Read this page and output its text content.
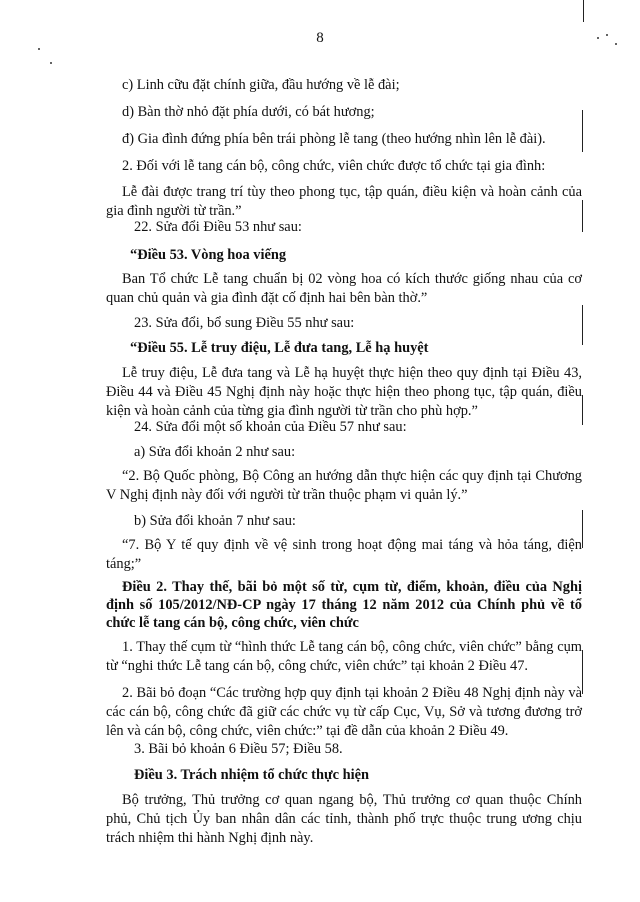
8
c) Linh cữu đặt chính giữa, đầu hướng về lễ đài;
d) Bàn thờ nhỏ đặt phía dưới, có bát hương;
đ) Gia đình đứng phía bên trái phòng lễ tang (theo hướng nhìn lên lễ đài).
2. Đối với lễ tang cán bộ, công chức, viên chức được tổ chức tại gia đình:
Lễ đài được trang trí tùy theo phong tục, tập quán, điều kiện và hoàn cảnh của gia đình người từ trần.”
22. Sửa đổi Điều 53 như sau:
“Điều 53. Vòng hoa viếng
Ban Tổ chức Lễ tang chuẩn bị 02 vòng hoa có kích thước giống nhau của cơ quan chủ quản và gia đình đặt cố định hai bên bàn thờ.”
23. Sửa đổi, bổ sung Điều 55 như sau:
“Điều 55. Lễ truy điệu, Lễ đưa tang, Lễ hạ huyệt
Lễ truy điệu, Lễ đưa tang và Lễ hạ huyệt thực hiện theo quy định tại Điều 43, Điều 44 và Điều 45 Nghị định này hoặc thực hiện theo phong tục, tập quán, điều kiện và hoàn cảnh của từng gia đình người từ trần cho phù hợp.”
24. Sửa đổi một số khoản của Điều 57 như sau:
a) Sửa đổi khoản 2 như sau:
“2. Bộ Quốc phòng, Bộ Công an hướng dẫn thực hiện các quy định tại Chương V Nghị định này đối với người từ trần thuộc phạm vi quản lý.”
b) Sửa đổi khoản 7 như sau:
“7. Bộ Y tế quy định về vệ sinh trong hoạt động mai táng và hỏa táng, điện táng;”
Điều 2. Thay thế, bãi bỏ một số từ, cụm từ, điểm, khoản, điều của Nghị định số 105/2012/NĐ-CP ngày 17 tháng 12 năm 2012 của Chính phủ về tổ chức lễ tang cán bộ, công chức, viên chức
1. Thay thế cụm từ “hình thức Lễ tang cán bộ, công chức, viên chức” bằng cụm từ “nghi thức Lễ tang cán bộ, công chức, viên chức” tại khoản 2 Điều 47.
2. Bãi bỏ đoạn “Các trường hợp quy định tại khoản 2 Điều 48 Nghị định này và các cán bộ, công chức đã giữ các chức vụ từ cấp Cục, Vụ, Sở và tương đương trở lên và cán bộ, công chức, viên chức:” tại đề dẫn của khoản 2 Điều 49.
3. Bãi bỏ khoản 6 Điều 57; Điều 58.
Điều 3. Trách nhiệm tổ chức thực hiện
Bộ trưởng, Thủ trưởng cơ quan ngang bộ, Thủ trưởng cơ quan thuộc Chính phủ, Chủ tịch Ủy ban nhân dân các tỉnh, thành phố trực thuộc trung ương chịu trách nhiệm thi hành Nghị định này.
